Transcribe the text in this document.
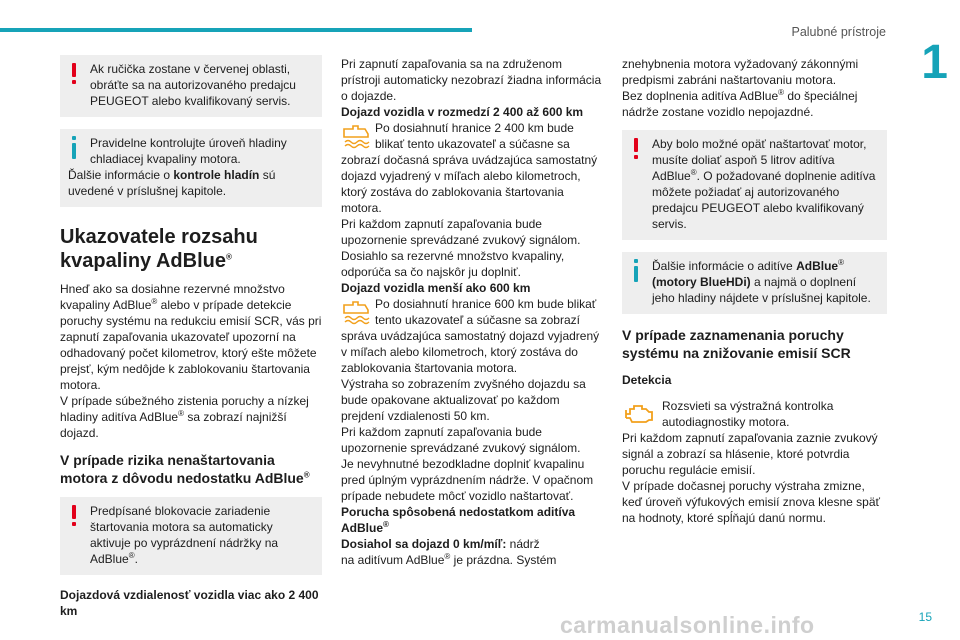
Palubné prístroje
1

Ak ručička zostane v červenej oblasti, obráťte sa na autorizovaného predajcu PEUGEOT alebo kvalifikovaný servis.

Pravidelne kontrolujte úroveň hladiny chladiacej kvapaliny motora.

Ďalšie informácie o kontrole hladín sú uvedené v príslušnej kapitole.

Ukazovatele rozsahu kvapaliny AdBlue®

Hneď ako sa dosiahne rezervné množstvo kvapaliny AdBlue® alebo v prípade detekcie poruchy systému na redukciu emisií SCR, vás pri zapnutí zapaľovania ukazovateľ upozorní na odhadovaný počet kilometrov, ktorý ešte môžete prejsť, kým nedôjde k zablokovaniu štartovania motora.

V prípade súbežného zistenia poruchy a nízkej hladiny aditíva AdBlue® sa zobrazí najnižší dojazd.

V prípade rizika nenaštartovania motora z dôvodu nedostatku AdBlue®

Predpísané blokovacie zariadenie štartovania motora sa automaticky aktivuje po vyprázdnení nádržky na AdBlue®.

Dojazdová vzdialenosť vozidla viac ako 2 400 km

Pri zapnutí zapaľovania sa na združenom prístroji automaticky nezobrazí žiadna informácia o dojazde.

Dojazd vozidla v rozmedzí 2 400 až 600 km

Po dosiahnutí hranice 2 400 km bude blikať tento ukazovateľ a súčasne sa zobrazí dočasná správa uvádzajúca samostatný dojazd vyjadrený v míľach alebo kilometroch, ktorý zostáva do zablokovania štartovania motora.

Pri každom zapnutí zapaľovania bude upozornenie sprevádzané zvukový signálom.

Dosiahlo sa rezervné množstvo kvapaliny, odporúča sa čo najskôr ju doplniť.

Dojazd vozidla menší ako 600 km

Po dosiahnutí hranice 600 km bude blikať tento ukazovateľ a súčasne sa zobrazí správa uvádzajúca samostatný dojazd vyjadrený v míľach alebo kilometroch, ktorý zostáva do zablokovania štartovania motora.

Výstraha so zobrazením zvyšného dojazdu sa bude opakovane aktualizovať po každom prejdení vzdialenosti 50 km.

Pri každom zapnutí zapaľovania bude upozornenie sprevádzané zvukový signálom.

Je nevyhnutné bezodkladne doplniť kvapalinu pred úplným vyprázdnením nádrže. V opačnom prípade nebudete môcť vozidlo naštartovať.

Porucha spôsobená nedostatkom aditíva AdBlue®

Dosiahol sa dojazd 0 km/míľ: nádrž

na aditívum AdBlue® je prázdna. Systém

znehybnenia motora vyžadovaný zákonnými predpismi zabráni naštartovaniu motora.

Bez doplnenia aditíva AdBlue® do špeciálnej nádrže zostane vozidlo nepojazdné.

Aby bolo možné opäť naštartovať motor, musíte doliať aspoň 5 litrov aditíva AdBlue®. O požadované doplnenie aditíva môžete požiadať aj autorizovaného predajcu PEUGEOT alebo kvalifikovaný servis.

Ďalšie informácie o aditíve AdBlue® (motory BlueHDi) a najmä o doplnení jeho hladiny nájdete v príslušnej kapitole.

V prípade zaznamenania poruchy systému na znižovanie emisií SCR

Detekcia

Rozsvieti sa výstražná kontrolka autodiagnostiky motora.

Pri každom zapnutí zapaľovania zaznie zvukový signál a zobrazí sa hlásenie, ktoré potvrdia poruchu regulácie emisií.

V prípade dočasnej poruchy výstraha zmizne, keď úroveň výfukových emisií znova klesne späť na hodnoty, ktoré spĺňajú danú normu.

carmanualsonline.info	15
